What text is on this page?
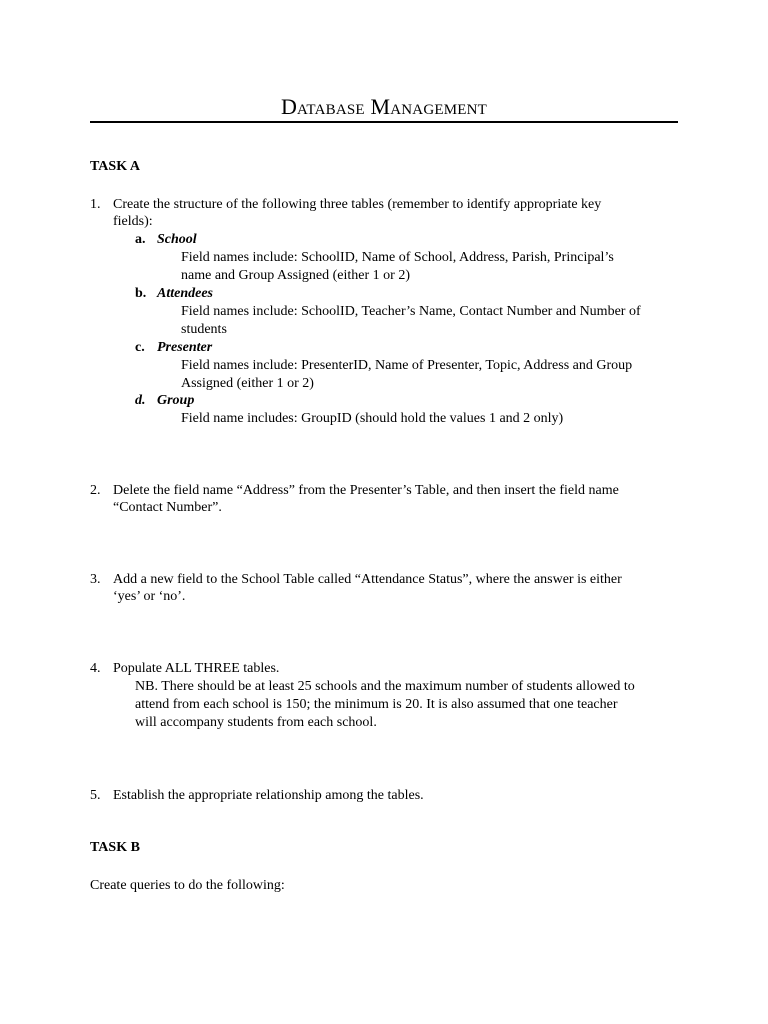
Database Management
TASK A
1. Create the structure of the following three tables (remember to identify appropriate key
fields):
a. School
Field names include: SchoolID, Name of School, Address, Parish, Principal’s
name and Group Assigned (either 1 or 2)
b. Attendees
Field names include: SchoolID, Teacher’s Name, Contact Number and Number of
students
c. Presenter
Field names include: PresenterID, Name of Presenter, Topic, Address and Group
Assigned (either 1 or 2)
d. Group
Field name includes: GroupID (should hold the values 1 and 2 only)
2. Delete the field name “Address” from the Presenter’s Table, and then insert the field name
“Contact Number”.
3. Add a new field to the School Table called “Attendance Status”, where the answer is either
‘yes’ or ‘no’.
4. Populate ALL THREE tables.
NB. There should be at least 25 schools and the maximum number of students allowed to
attend from each school is 150; the minimum is 20. It is also assumed that one teacher
will accompany students from each school.
5. Establish the appropriate relationship among the tables.
TASK B
Create queries to do the following:
